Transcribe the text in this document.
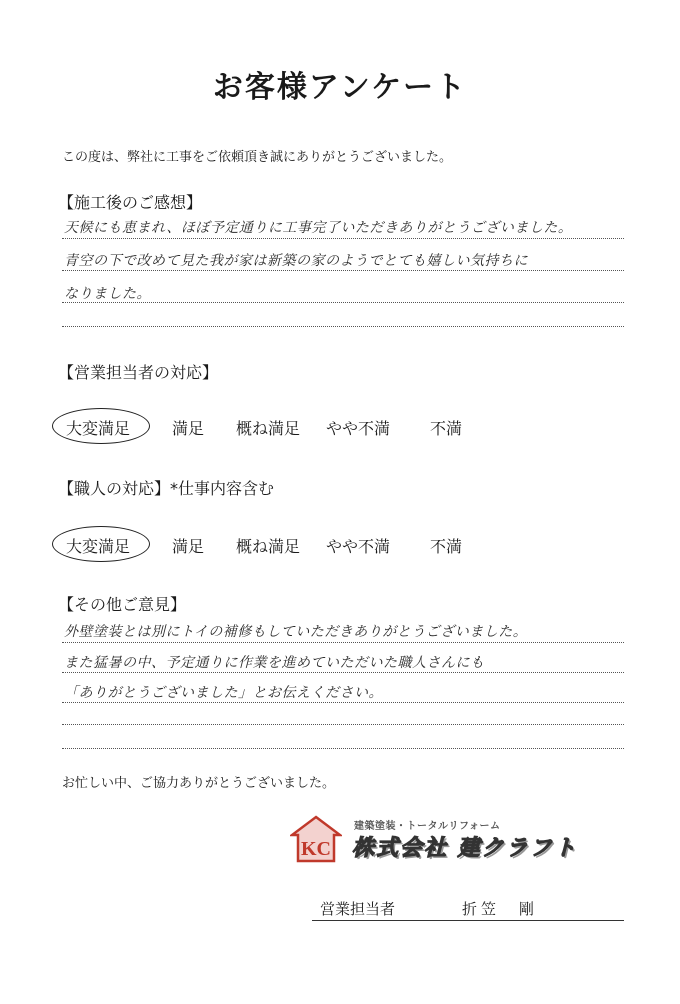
お客様アンケート
この度は、弊社に工事をご依頼頂き誠にありがとうございました。
【施工後のご感想】
天候にも恵まれ、ほぼ予定通りに工事完了いただきありがとうございました。
青空の下で改めて見た我が家は新築の家のようでとても嬉しい気持ちに
なりました。
【営業担当者の対応】
大変満足	満足 概ね満足 やや不満 不満
【職人の対応】*仕事内容含む
大変満足	満足 概ね満足 やや不満 不満
【その他ご意見】
外壁塗装とは別にトイの補修もしていただきありがとうございました。
また猛暑の中、予定通りに作業を進めていただいた職人さんにも
「ありがとうございました」とお伝えください。
お忙しい中、ご協力ありがとうございました。
KC
建築塗装・トータルリフォーム
株式会社 建クラフト
営業担当者	折笠　剛
